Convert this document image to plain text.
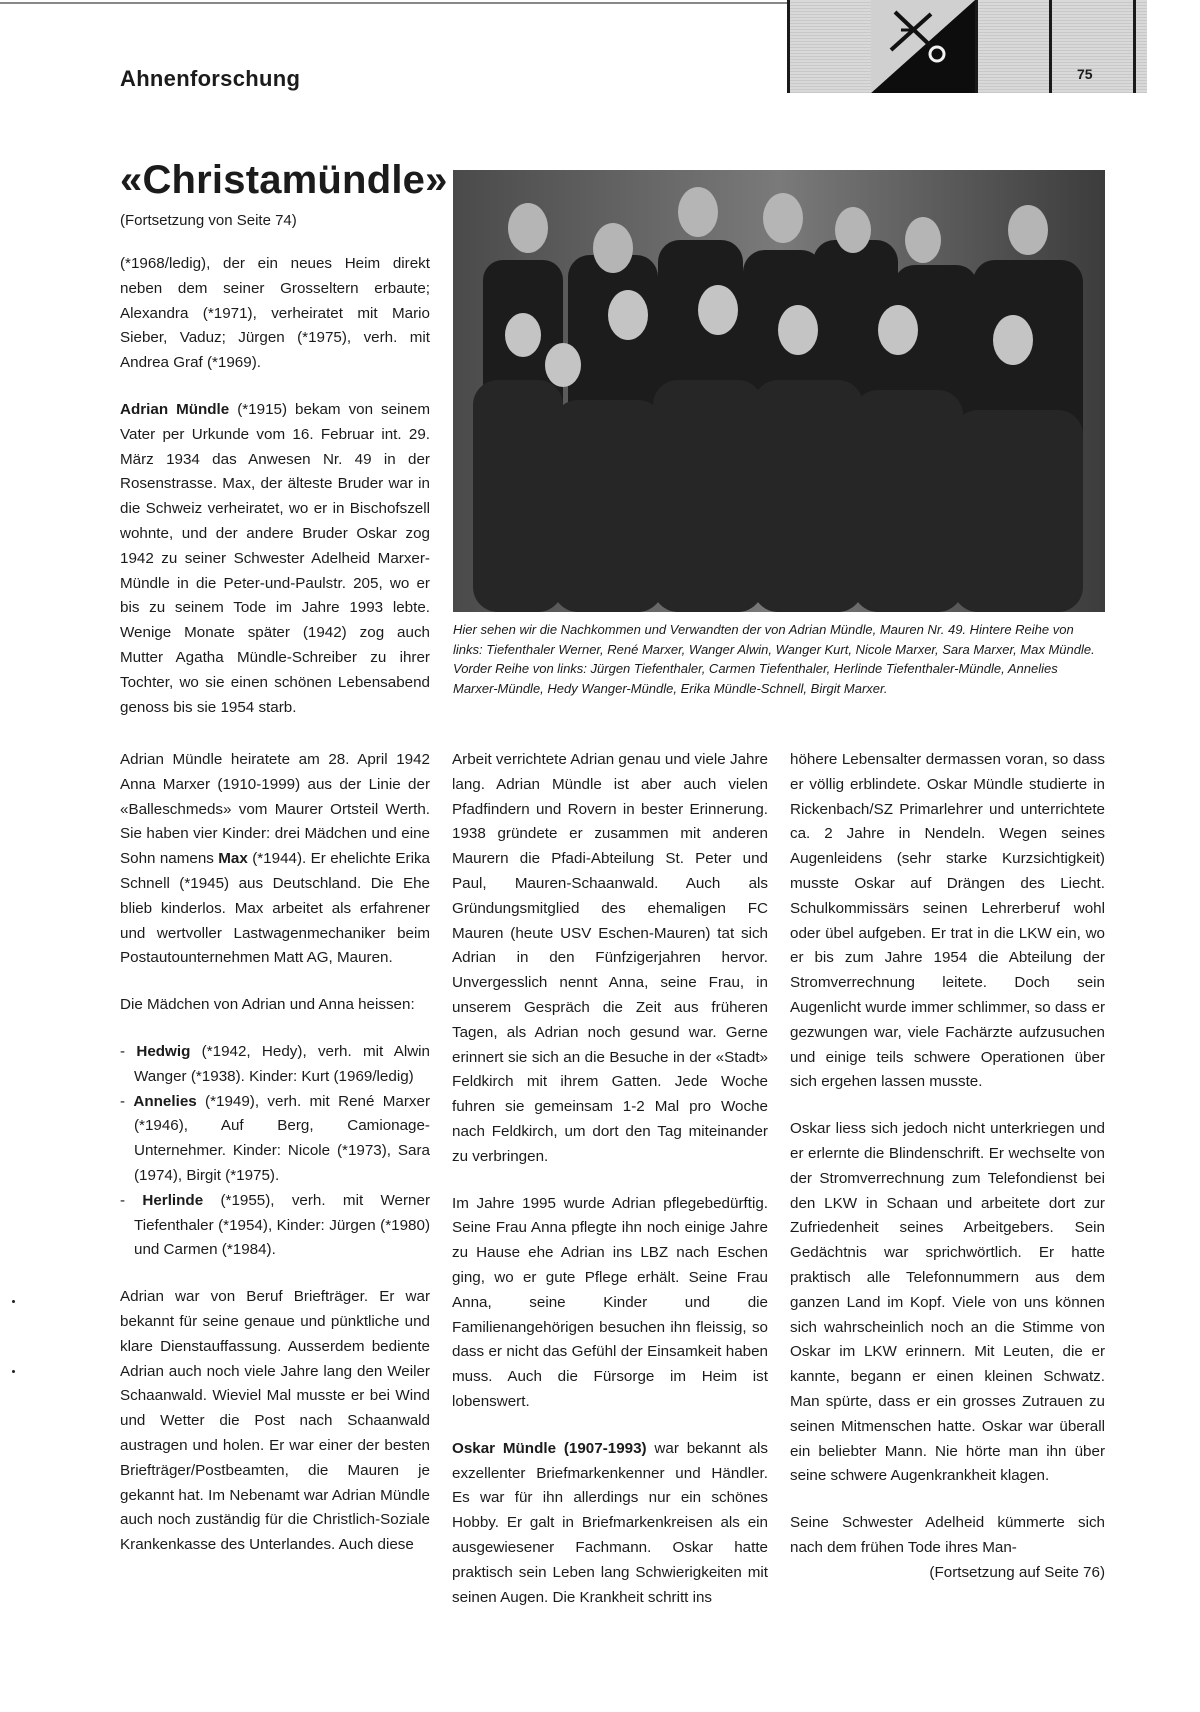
Ahnenforschung	75
«Christamündle»
(Fortsetzung von Seite 74)

(*1968/ledig), der ein neues Heim direkt neben dem seiner Grosseltern erbaute; Alexandra (*1971), verheiratet mit Mario Sieber, Vaduz; Jürgen (*1975), verh. mit Andrea Graf (*1969).

Adrian Mündle (*1915) bekam von seinem Vater per Urkunde vom 16. Februar int. 29. März 1934 das Anwesen Nr. 49 in der Rosenstrasse. Max, der älteste Bruder war in die Schweiz verheiratet, wo er in Bischofszell wohnte, und der andere Bruder Oskar zog 1942 zu seiner Schwester Adelheid Marxer-Mündle in die Peter-und-Paulstr. 205, wo er bis zu seinem Tode im Jahre 1993 lebte. Wenige Monate später (1942) zog auch Mutter Agatha Mündle-Schreiber zu ihrer Tochter, wo sie einen schönen Lebensabend genoss bis sie 1954 starb.

Adrian Mündle heiratete am 28. April 1942 Anna Marxer (1910-1999) aus der Linie der «Balleschmeds» vom Maurer Ortsteil Werth. Sie haben vier Kinder: drei Mädchen und eine Sohn namens Max (*1944). Er ehelichte Erika Schnell (*1945) aus Deutschland. Die Ehe blieb kinderlos. Max arbeitet als erfahrener und wertvoller Lastwagenmechaniker beim Postautounternehmen Matt AG, Mauren.

Die Mädchen von Adrian und Anna heissen:

- Hedwig (*1942, Hedy), verh. mit Alwin Wanger (*1938). Kinder: Kurt (1969/ledig)

- Annelies (*1949), verh. mit René Marxer (*1946), Auf Berg, Camionage-Unternehmer. Kinder: Nicole (*1973), Sara (1974), Birgit (*1975).

- Herlinde (*1955), verh. mit Werner Tiefenthaler (*1954), Kinder: Jürgen (*1980) und Carmen (*1984).

Adrian war von Beruf Briefträger. Er war bekannt für seine genaue und pünktliche und klare Dienstauffassung. Ausserdem bediente Adrian auch noch viele Jahre lang den Weiler Schaanwald. Wieviel Mal musste er bei Wind und Wetter die Post nach Schaanwald austragen und holen. Er war einer der besten Briefträger/Postbeamten, die Mauren je gekannt hat. Im Nebenamt war Adrian Mündle auch noch zuständig für die Christlich-Soziale Krankenkasse des Unterlandes. Auch diese

Hier sehen wir die Nachkommen und Verwandten der von Adrian Mündle, Mauren Nr. 49. Hintere Reihe von links: Tiefenthaler Werner, René Marxer, Wanger Alwin, Wanger Kurt, Nicole Marxer, Sara Marxer, Max Mündle.

Vorder Reihe von links: Jürgen Tiefenthaler, Carmen Tiefenthaler, Herlinde Tiefenthaler-Mündle, Annelies Marxer-Mündle, Hedy Wanger-Mündle, Erika Mündle-Schnell, Birgit Marxer.

Arbeit verrichtete Adrian genau und viele Jahre lang. Adrian Mündle ist aber auch vielen Pfadfindern und Rovern in bester Erinnerung. 1938 gründete er zusammen mit anderen Maurern die Pfadi-Abteilung St. Peter und Paul, Mauren-Schaanwald. Auch als Gründungsmitglied des ehemaligen FC Mauren (heute USV Eschen-Mauren) tat sich Adrian in den Fünfzigerjahren hervor. Unvergesslich nennt Anna, seine Frau, in unserem Gespräch die Zeit aus früheren Tagen, als Adrian noch gesund war. Gerne erinnert sie sich an die Besuche in der «Stadt» Feldkirch mit ihrem Gatten. Jede Woche fuhren sie gemeinsam 1-2 Mal pro Woche nach Feldkirch, um dort den Tag miteinander zu verbringen.

Im Jahre 1995 wurde Adrian pflegebedürftig. Seine Frau Anna pflegte ihn noch einige Jahre zu Hause ehe Adrian ins LBZ nach Eschen ging, wo er gute Pflege erhält. Seine Frau Anna, seine Kinder und die Familienangehörigen besuchen ihn fleissig, so dass er nicht das Gefühl der Einsamkeit haben muss. Auch die Fürsorge im Heim ist lobenswert.

Oskar Mündle (1907-1993) war bekannt als exzellenter Briefmarkenkenner und Händler. Es war für ihn allerdings nur ein schönes Hobby. Er galt in Briefmarkenkreisen als ein ausgewiesener Fachmann. Oskar hatte praktisch sein Leben lang Schwierigkeiten mit seinen Augen. Die Krankheit schritt ins

höhere Lebensalter dermassen voran, so dass er völlig erblindete. Oskar Mündle studierte in Rickenbach/SZ Primarlehrer und unterrichtete ca. 2 Jahre in Nendeln. Wegen seines Augenleidens (sehr starke Kurzsichtigkeit) musste Oskar auf Drängen des Liecht. Schulkommissärs seinen Lehrerberuf wohl oder übel aufgeben. Er trat in die LKW ein, wo er bis zum Jahre 1954 die Abteilung der Stromverrechnung leitete. Doch sein Augenlicht wurde immer schlimmer, so dass er gezwungen war, viele Fachärzte aufzusuchen und einige teils schwere Operationen über sich ergehen lassen musste.

Oskar liess sich jedoch nicht unterkriegen und er erlernte die Blindenschrift. Er wechselte von der Stromverrechnung zum Telefondienst bei den LKW in Schaan und arbeitete dort zur Zufriedenheit seines Arbeitgebers. Sein Gedächtnis war sprichwörtlich. Er hatte praktisch alle Telefonnummern aus dem ganzen Land im Kopf. Viele von uns können sich wahrscheinlich noch an die Stimme von Oskar im LKW erinnern. Mit Leuten, die er kannte, begann er einen kleinen Schwatz. Man spürte, dass er ein grosses Zutrauen zu seinen Mitmenschen hatte. Oskar war überall ein beliebter Mann. Nie hörte man ihn über seine schwere Augenkrankheit klagen.

Seine Schwester Adelheid kümmerte sich nach dem frühen Tode ihres Man-

(Fortsetzung auf Seite 76)
